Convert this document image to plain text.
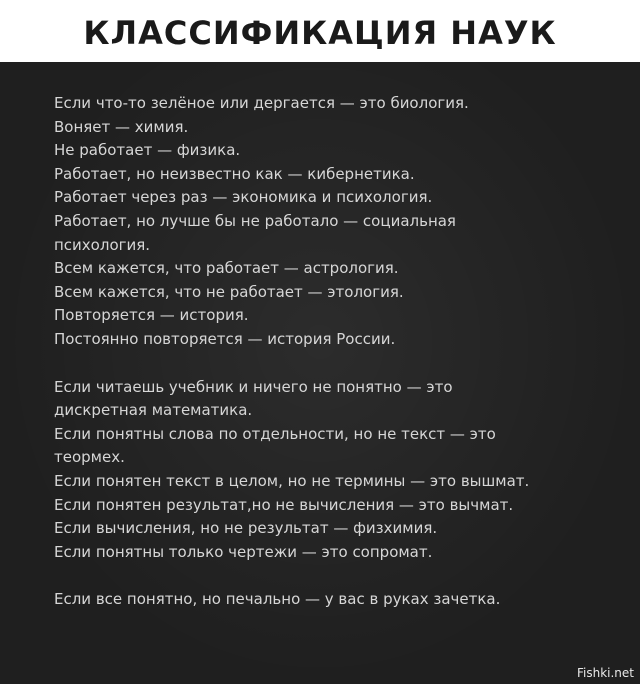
КЛАССИФИКАЦИЯ НАУК
Если что-то зелёное или дергается — это биология.
Воняет — химия.
Не работает — физика.
Работает, но неизвестно как — кибернетика.
Работает через раз — экономика и психология.
Работает, но лучше бы не работало — социальная
психология.
Всем кажется, что работает — астрология.
Всем кажется, что не работает — этология.
Повторяется — история.
Постоянно повторяется — история России.
Если читаешь учебник и ничего не понятно — это
дискретная математика.
Если понятны слова по отдельности, но не текст — это
теормех.
Если понятен текст в целом, но не термины — это вышмат.
Если понятен результат,но не вычисления — это вычмат.
Если вычисления, но не результат — физхимия.
Если понятны только чертежи — это сопромат.
Если все понятно, но печально — у вас в руках зачетка.
Fishki.net
